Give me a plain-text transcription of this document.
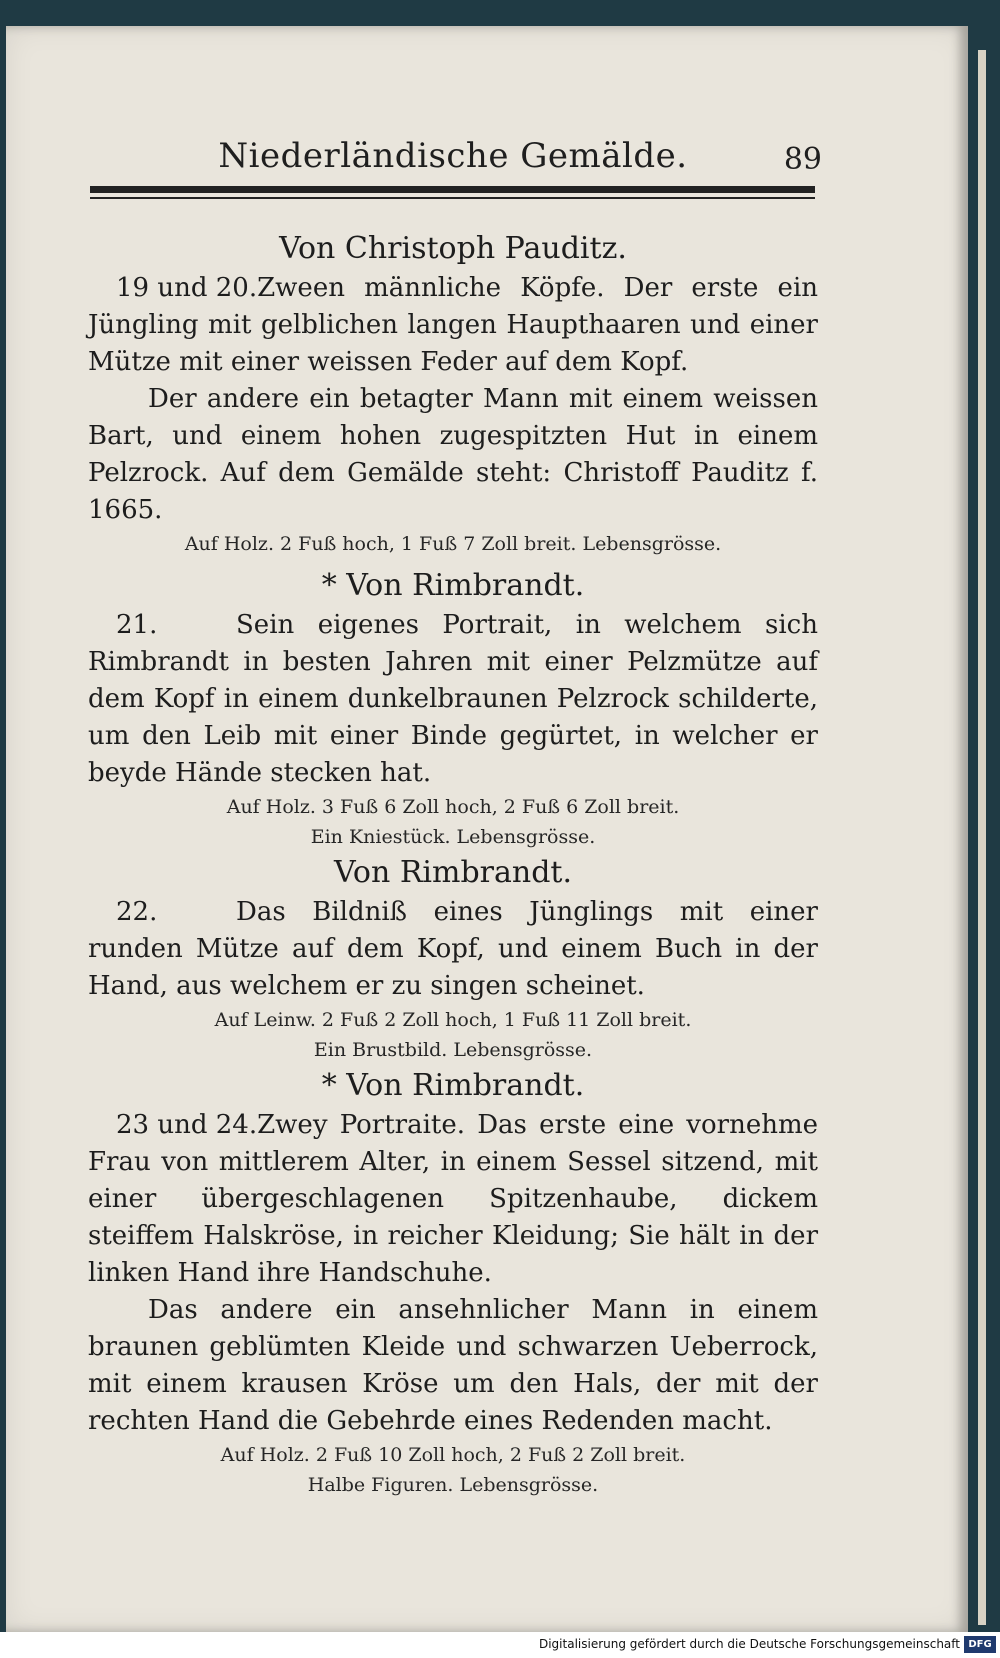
Niederländische Gemälde.	89

Von Christoph Pauditz.

19 und 20.Zween männliche Köpfe. Der erste ein Jüngling mit gelblichen langen Haupthaaren und einer Mütze mit einer weissen Feder auf dem Kopf.

Der andere ein betagter Mann mit einem weissen Bart, und einem hohen zugespitzten Hut in einem Pelzrock. Auf dem Gemälde steht: Christoff Pauditz f. 1665.

Auf Holz. 2 Fuß hoch, 1 Fuß 7 Zoll breit. Lebensgrösse.

* Von Rimbrandt.

21.	Sein eigenes Portrait, in welchem sich Rimbrandt in besten Jahren mit einer Pelzmütze auf dem Kopf in einem dunkelbraunen Pelzrock schilderte, um den Leib mit einer Binde gegürtet, in welcher er beyde Hände stecken hat.

Auf Holz. 3 Fuß 6 Zoll hoch, 2 Fuß 6 Zoll breit.

Ein Kniestück. Lebensgrösse.

Von Rimbrandt.

22.	Das Bildniß eines Jünglings mit einer runden Mütze auf dem Kopf, und einem Buch in der Hand, aus welchem er zu singen scheinet.

Auf Leinw. 2 Fuß 2 Zoll hoch, 1 Fuß 11 Zoll breit.

Ein Brustbild. Lebensgrösse.

* Von Rimbrandt.

23 und 24.Zwey Portraite. Das erste eine vornehme Frau von mittlerem Alter, in einem Sessel sitzend, mit einer übergeschlagenen Spitzenhaube, dickem steiffem Halskröse, in reicher Kleidung; Sie hält in der linken Hand ihre Handschuhe.

Das andere ein ansehnlicher Mann in einem braunen geblümten Kleide und schwarzen Ueberrock, mit einem krausen Kröse um den Hals, der mit der rechten Hand die Gebehrde eines Redenden macht.

Auf Holz. 2 Fuß 10 Zoll hoch, 2 Fuß 2 Zoll breit.

Halbe Figuren. Lebensgrösse.

Digitalisierung gefördert durch die Deutsche Forschungsgemeinschaft DFG
